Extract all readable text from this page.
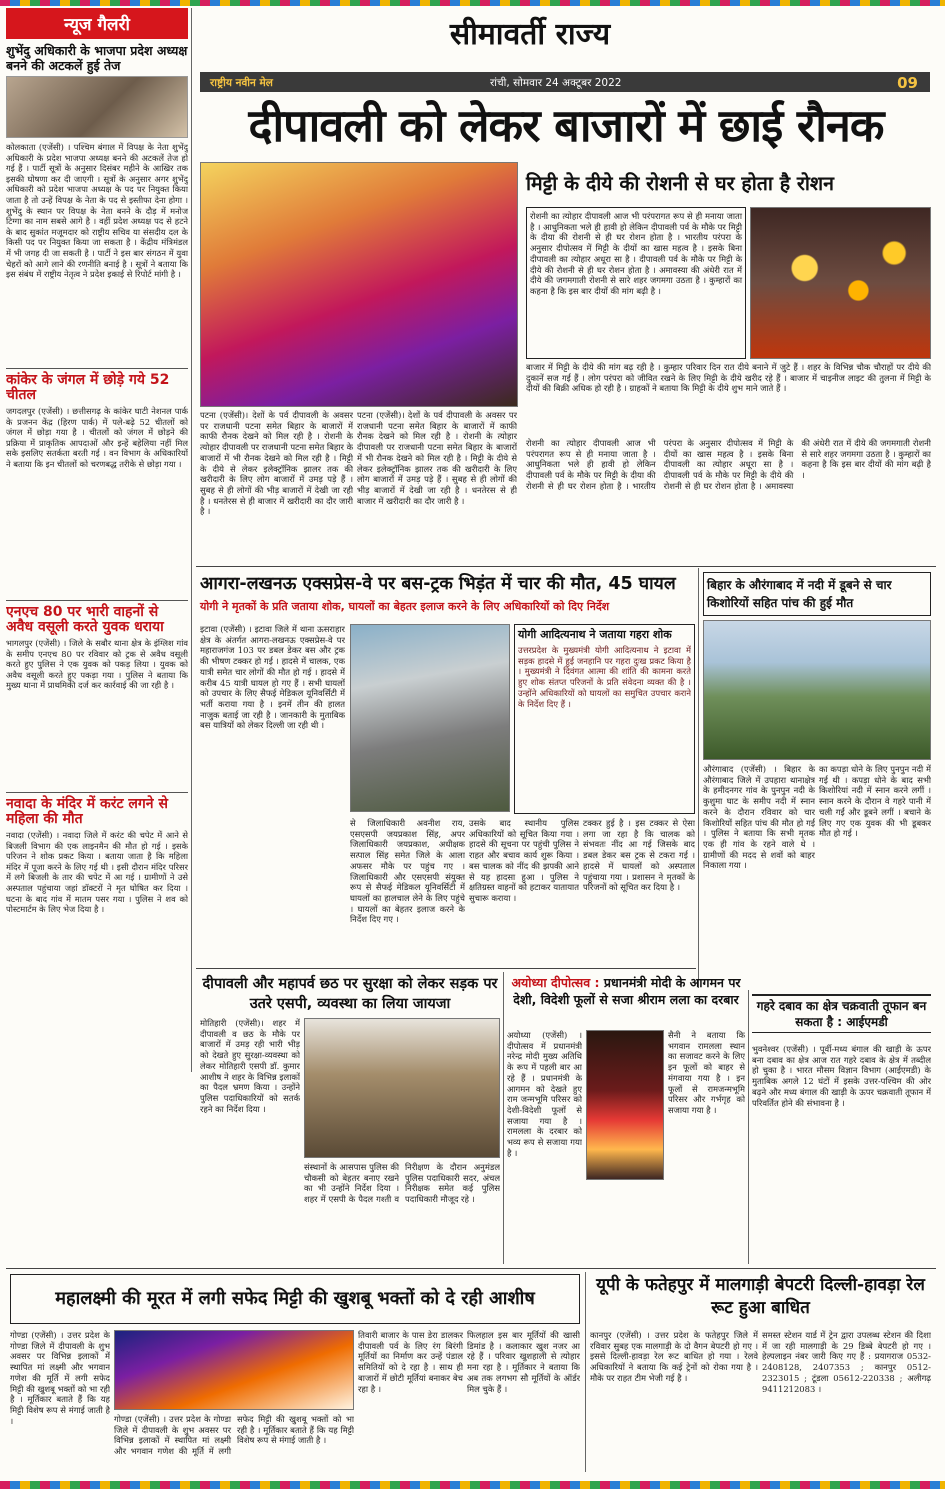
न्यूज गैलरी
शुभेंदु अधिकारी के भाजपा प्रदेश अध्यक्ष बनने की अटकलें हुई तेज

कोलकाता (एजेंसी) । पश्चिम बंगाल में विपक्ष के नेता शुभेंदु अधिकारी के प्रदेश भाजपा अध्यक्ष बनने की अटकलें तेज हो गई हैं । पार्टी सूत्रों के अनुसार दिसंबर महीने के आखिर तक इसकी घोषणा कर दी जाएगी । सूत्रों के अनुसार अगर शुभेंदु अधिकारी को प्रदेश भाजपा अध्यक्ष के पद पर नियुक्त किया जाता है तो उन्हें विपक्ष के नेता के पद से इस्तीफा देना होगा । शुभेंदु के स्थान पर विपक्ष के नेता बनने के दौड़ में मनोज टिग्गा का नाम सबसे आगे है । वहीं प्रदेश अध्यक्ष पद से हटने के बाद सुकांत मजूमदार को राष्ट्रीय सचिव या संसदीय दल के किसी पद पर नियुक्त किया जा सकता है । केंद्रीय मंत्रिमंडल में भी जगह दी जा सकती है । पार्टी ने इस बार संगठन में युवा चेहरों को आगे लाने की रणनीति बनाई है । सूत्रों ने बताया कि इस संबंध में राष्ट्रीय नेतृत्व ने प्रदेश इकाई से रिपोर्ट मांगी है ।

कांकेर के जंगल में छोड़े गये 52 चीतल

जगदलपुर (एजेंसी) । छत्तीसगढ़ के कांकेर घाटी नेशनल पार्क के प्रजनन केंद्र (हिरण पार्क) में पले-बढ़े 52 चीतलों को जंगल में छोड़ा गया है । चीतलों को जंगल में छोड़ने की प्रक्रिया में प्राकृतिक आपदाओं और इन्हें बहेलिया नहीं मिल सके इसलिए सतर्कता बरती गई । वन विभाग के अधिकारियों ने बताया कि इन चीतलों को चरणबद्ध तरीके से छोड़ा गया ।

एनएच 80 पर भारी वाहनों से अवैध वसूली करते युवक धराया

भागलपुर (एजेंसी) । जिले के सबौर थाना क्षेत्र के इंग्लिश गांव के समीप एनएच 80 पर रविवार को ट्रक से अवैध वसूली करते हुए पुलिस ने एक युवक को पकड़ लिया । युवक को अवैध वसूली करते हुए पकड़ा गया । पुलिस ने बताया कि मुख्य थाना में प्राथमिकी दर्ज कर कार्रवाई की जा रही है ।

नवादा के मंदिर में करंट लगने से महिला की मौत

नवादा (एजेंसी) । नवादा जिले में करंट की चपेट में आने से बिजली विभाग की एक लाइनमैन की मौत हो गई । इसके परिजन ने शोक प्रकट किया । बताया जाता है कि महिला मंदिर में पूजा करने के लिए गई थी । इसी दौरान मंदिर परिसर में लगे बिजली के तार की चपेट में आ गई । ग्रामीणों ने उसे अस्पताल पहुंचाया जहां डॉक्टरों ने मृत घोषित कर दिया । घटना के बाद गांव में मातम पसर गया । पुलिस ने शव को पोस्टमार्टम के लिए भेज दिया है ।

सीमावर्ती राज्य
राष्ट्रीय नवीन मेल	रांची, सोमवार 24 अक्टूबर 2022	09
दीपावली को लेकर बाजारों में छाई रौनक
मिट्टी के दीये की रोशनी से घर होता है रोशन
रोशनी का त्योहार दीपावली आज भी परंपरागत रूप से ही मनाया जाता है । आधुनिकता भले ही हावी हो लेकिन दीपावली पर्व के मौके पर मिट्टी के दीया की रोशनी से ही घर रोशन होता है । भारतीय परंपरा के अनुसार दीपोत्सव में मिट्टी के दीयों का खास महत्व है । इसके बिना दीपावली का त्योहार अधूरा सा है । दीपावली पर्व के मौके पर मिट्टी के दीये की रोशनी से ही घर रोशन होता है । अमावस्या की अंधेरी रात में दीये की जगमगाती रोशनी से सारे शहर जगमगा उठता है । कुम्हारों का कहना है कि इस बार दीयों की मांग बढ़ी है ।
बाजार में मिट्टी के दीये की मांग बढ़ रही है । कुम्हार परिवार दिन रात दीये बनाने में जुटे हैं । शहर के विभिन्न चौक चौराहों पर दीये की दुकानें सज गई हैं । लोग परंपरा को जीवित रखने के लिए मिट्टी के दीये खरीद रहे हैं । बाजार में चाइनीज लाइट की तुलना में मिट्टी के दीयों की बिक्री अधिक हो रही है । ग्राहकों ने बताया कि मिट्टी के दीये शुभ माने जाते हैं ।
रोशनी का त्योहार दीपावली आज भी परंपरागत रूप से ही मनाया जाता है । आधुनिकता भले ही हावी हो लेकिन दीपावली पर्व के मौके पर मिट्टी के दीया की रोशनी से ही घर रोशन होता है । भारतीय परंपरा के अनुसार दीपोत्सव में मिट्टी के दीयों का खास महत्व है । इसके बिना दीपावली का त्योहार अधूरा सा है । दीपावली पर्व के मौके पर मिट्टी के दीये की रोशनी से ही घर रोशन होता है । अमावस्या की अंधेरी रात में दीये की जगमगाती रोशनी से सारे शहर जगमगा उठता है । कुम्हारों का कहना है कि इस बार दीयों की मांग बढ़ी है ।
पटना (एजेंसी)। देशों के पर्व दीपावली के अवसर पर राजधानी पटना समेत बिहार के बाजारों में काफी रौनक देखने को मिल रही है । रोशनी के त्योहार दीपावली पर राजधानी पटना समेत बिहार के बाजारों में भी रौनक देखने को मिल रही है । मिट्टी के दीये से लेकर इलेक्ट्रॉनिक झालर तक की खरीदारी के लिए लोग बाजारों में उमड़ पड़े हैं । सुबह से ही लोगों की भीड़ बाजारों में देखी जा रही है । धनतेरस से ही बाजार में खरीदारी का दौर जारी है ।
पटना (एजेंसी)। देशों के पर्व दीपावली के अवसर पर राजधानी पटना समेत बिहार के बाजारों में काफी रौनक देखने को मिल रही है । रोशनी के त्योहार दीपावली पर राजधानी पटना समेत बिहार के बाजारों में भी रौनक देखने को मिल रही है । मिट्टी के दीये से लेकर इलेक्ट्रॉनिक झालर तक की खरीदारी के लिए लोग बाजारों में उमड़ पड़े हैं । सुबह से ही लोगों की भीड़ बाजारों में देखी जा रही है । धनतेरस से ही बाजार में खरीदारी का दौर जारी है ।
आगरा-लखनऊ एक्सप्रेस-वे पर बस-ट्रक भिड़ंत में चार की मौत, 45 घायल
योगी ने मृतकों के प्रति जताया शोक, घायलों का बेहतर इलाज करने के लिए अधिकारियों को दिए निर्देश
इटावा (एजेंसी) । इटावा जिले में थाना ऊसराहार क्षेत्र के अंतर्गत आगरा-लखनऊ एक्सप्रेस-वे पर महाराजगंज 103 पर डबल डेकर बस और ट्रक की भीषण टक्कर हो गई । हादसे में चालक, एक यात्री समेत चार लोगों की मौत हो गई । हादसे में करीब 45 यात्री घायल हो गए हैं । सभी घायलों को उपचार के लिए सैफई मेडिकल यूनिवर्सिटी में भर्ती कराया गया है । इनमें तीन की हालत नाजुक बताई जा रही है । जानकारी के मुताबिक बस यात्रियों को लेकर दिल्ली जा रही थी ।
योगी आदित्यनाथ ने जताया गहरा शोक
उत्तरप्रदेश के मुख्यमंत्री योगी आदित्यनाथ ने इटावा में सड़क हादसे में हुई जनहानि पर गहरा दुःख प्रकट किया है । मुख्यमंत्री ने दिवंगत आत्मा की शांति की कामना करते हुए शोक संतप्त परिजनों के प्रति संवेदना व्यक्त की है । उन्होंने अधिकारियों को घायलों का समुचित उपचार कराने के निर्देश दिए हैं ।
से जिलाधिकारी अवनीश राय, एसएसपी जयप्रकाश सिंह, अपर जिलाधिकारी जयप्रकाश, अधीक्षक सत्पाल सिंह समेत जिले के आला अफसर मौके पर पहुंच गए । जिलाधिकारी और एसएसपी संयुक्त रूप से सैफई मेडिकल यूनिवर्सिटी में घायलों का हालचाल लेने के लिए पहुंचे । घायलों का बेहतर इलाज करने के निर्देश दिए गए ।
उसके बाद स्थानीय पुलिस अधिकारियों को सूचित किया गया । हादसे की सूचना पर पहुंची पुलिस ने राहत और बचाव कार्य शुरू किया । बस चालक को नींद की झपकी आने से यह हादसा हुआ । पुलिस ने क्षतिग्रस्त वाहनों को हटाकर यातायात सुचारू कराया ।
टक्कर हुई है । इस टक्कर से ऐसा लगा जा रहा है कि चालक को संभवतः नींद आ गई जिसके बाद डबल डेकर बस ट्रक से टकरा गई । हादसे में घायलों को अस्पताल पहुंचाया गया । प्रशासन ने मृतकों के परिजनों को सूचित कर दिया है ।
बिहार के औरंगाबाद में नदी में डूबने से चार किशोरियों सहित पांच की हुई मौत
औरंगाबाद (एजेंसी) । बिहार के औरंगाबाद जिले में उपहारा थानाक्षेत्र के हमीदनगर गांव के पुनपुन नदी के कुशुमा घाट के समीप नदी में स्नान करने के दौरान रविवार को चार किशोरियों सहित पांच की मौत हो गई । पुलिस ने बताया कि सभी मृतक एक ही गांव के रहने वाले थे । ग्रामीणों की मदद से शवों को बाहर निकाला गया ।
का कपड़ा धोने के लिए पुनपुन नदी में गई थी । कपड़ा धोने के बाद सभी किशोरियां नदी में स्नान करने लगीं । स्नान करने के दौरान वे गहरे पानी में चली गईं और डूबने लगीं । बचाने के लिए गए एक युवक की भी डूबकर मौत हो गई ।
दीपावली और महापर्व छठ पर सुरक्षा को लेकर सड़क पर उतरे एसपी, व्यवस्था का लिया जायजा
मोतिहारी (एजेंसी)। शहर में दीपावली व छठ के मौके पर बाजारों में उमड़ रही भारी भीड़ को देखते हुए सुरक्षा-व्यवस्था को लेकर मोतिहारी एसपी डॉ. कुमार आशीष ने शहर के विभिन्न इलाकों का पैदल भ्रमण किया । उन्होंने पुलिस पदाधिकारियों को सतर्क रहने का निर्देश दिया ।
संस्थानों के आसपास पुलिस की चौकसी को बेहतर बनाए रखने का भी उन्होंने निर्देश दिया । शहर में एसपी के पैदल गश्ती व निरीक्षण के दौरान अनुमंडल पुलिस पदाधिकारी सदर, अंचल निरीक्षक समेत कई पुलिस पदाधिकारी मौजूद रहे ।
अयोध्या दीपोत्सव : प्रधानमंत्री मोदी के आगमन पर देशी, विदेशी फूलों से सजा श्रीराम लला का दरबार
अयोध्या (एजेंसी) । दीपोत्सव में प्रधानमंत्री नरेन्द्र मोदी मुख्य अतिथि के रूप में पहली बार आ रहे हैं । प्रधानमंत्री के आगमन को देखते हुए राम जन्मभूमि परिसर को देशी-विदेशी फूलों से सजाया गया है । रामलला के दरबार को भव्य रूप से सजाया गया है ।
सैनी ने बताया कि भगवान रामलला स्थान का सजावट करने के लिए इन फूलों को बाहर से मंगवाया गया है । इन फूलों से रामजन्मभूमि परिसर और गर्भगृह को सजाया गया है ।
गहरे दबाव का क्षेत्र चक्रवाती तूफान बन सकता है : आईएमडी
भुवनेश्वर (एजेंसी) । पूर्वी-मध्य बंगाल की खाड़ी के ऊपर बना दबाव का क्षेत्र आज रात गहरे दबाव के क्षेत्र में तब्दील हो चुका है । भारत मौसम विज्ञान विभाग (आईएमडी) के मुताबिक अगले 12 घंटों में इसके उत्तर-पश्चिम की ओर बढ़ने और मध्य बंगाल की खाड़ी के ऊपर चक्रवाती तूफान में परिवर्तित होने की संभावना है ।
महालक्ष्मी की मूरत में लगी सफेद मिट्टी की खुशबू भक्तों को दे रही आशीष
गोण्डा (एजेंसी) । उत्तर प्रदेश के गोण्डा जिले में दीपावली के शुभ अवसर पर विभिन्न इलाकों में स्थापित मां लक्ष्मी और भगवान गणेश की मूर्ति में लगी सफेद मिट्टी की खुशबू भक्तों को भा रही है । मूर्तिकार बताते हैं कि यह मिट्टी विशेष रूप से मंगाई जाती है ।
तिवारी बाजार के पास डेरा डालकर दीपावली पर्व के लिए रंग बिरंगी मूर्तियों का निर्माण कर उन्हें पंडाल समितियों को दे रहा है । साथ ही बाजारों में छोटी मूर्तियां बनाकर बेच रहा है ।
फिलहाल इस बार मूर्तियों की खासी डिमांड है । कलाकार खुश नजर आ रहे हैं । परिवार खुशहाली से त्योहार मना रहा है । मूर्तिकार ने बताया कि अब तक लगभग सौ मूर्तियों के ऑर्डर मिल चुके हैं ।
गोण्डा (एजेंसी) । उत्तर प्रदेश के गोण्डा जिले में दीपावली के शुभ अवसर पर विभिन्न इलाकों में स्थापित मां लक्ष्मी और भगवान गणेश की मूर्ति में लगी सफेद मिट्टी की खुशबू भक्तों को भा रही है । मूर्तिकार बताते हैं कि यह मिट्टी विशेष रूप से मंगाई जाती है ।
यूपी के फतेहपुर में मालगाड़ी बेपटरी दिल्ली-हावड़ा रेल रूट हुआ बाधित
कानपुर (एजेंसी) । उत्तर प्रदेश के फतेहपुर जिले में रविवार सुबह एक मालगाड़ी के दो वैगन बेपटरी हो गए । इससे दिल्ली-हावड़ा रेल रूट बाधित हो गया । रेलवे अधिकारियों ने बताया कि कई ट्रेनों को रोका गया है । मौके पर राहत टीम भेजी गई है ।
समस्त स्टेशन यार्ड में ट्रेन द्वारा उपलब्ध स्टेशन की दिशा में जा रही मालगाड़ी के 29 डिब्बे बेपटरी हो गए । हेल्पलाइन नंबर जारी किए गए हैं : प्रयागराज 0532-2408128, 2407353 ; कानपुर 0512-2323015 ; टूंडला 05612-220338 ; अलीगढ़ 9411212083 ।
